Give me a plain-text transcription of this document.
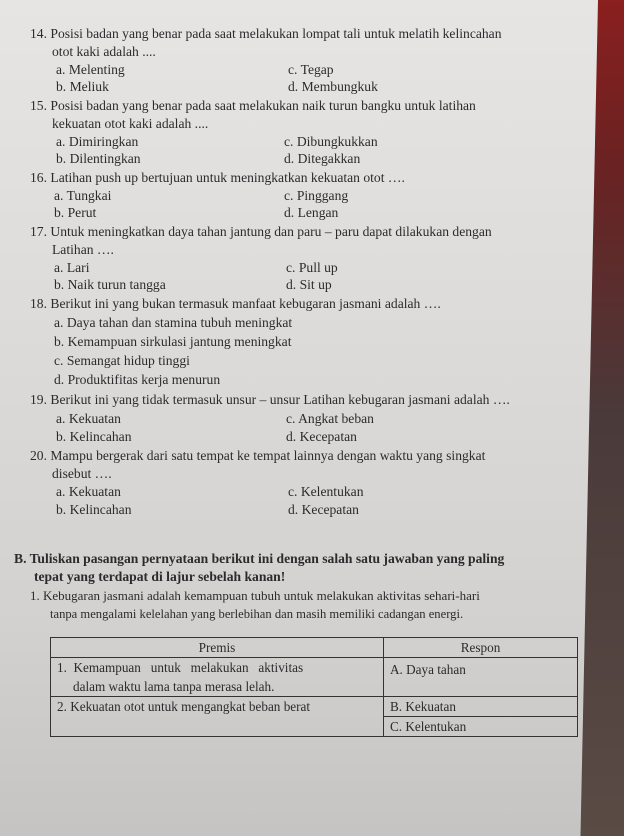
14. Posisi badan yang benar pada saat melakukan lompat tali untuk melatih kelincahan
otot kaki adalah ....
a. Melenting
b. Meliuk
c. Tegap
d. Membungkuk
15. Posisi badan yang benar pada saat melakukan naik turun bangku untuk latihan
kekuatan otot kaki adalah ....
a. Dimiringkan
b. Dilentingkan
c. Dibungkukkan
d. Ditegakkan
16. Latihan push up bertujuan untuk meningkatkan kekuatan otot ….
a. Tungkai
b. Perut
c. Pinggang
d. Lengan
17. Untuk meningkatkan daya tahan jantung dan paru – paru dapat dilakukan dengan
Latihan ….
a. Lari
b. Naik turun tangga
c. Pull up
d. Sit up
18. Berikut ini yang bukan termasuk manfaat kebugaran jasmani adalah ….
a. Daya tahan dan stamina tubuh meningkat
b. Kemampuan sirkulasi jantung meningkat
c. Semangat hidup tinggi
d. Produktifitas kerja menurun
19. Berikut ini yang tidak termasuk unsur – unsur Latihan kebugaran jasmani adalah ….
a. Kekuatan
b. Kelincahan
c. Angkat beban
d. Kecepatan
20. Mampu bergerak dari satu tempat ke tempat lainnya dengan waktu yang singkat
disebut ….
a. Kekuatan
b. Kelincahan
c. Kelentukan
d. Kecepatan
B. Tuliskan pasangan pernyataan berikut ini dengan salah satu jawaban yang paling
tepat yang terdapat di lajur sebelah kanan!
1. Kebugaran jasmani adalah kemampuan tubuh untuk melakukan aktivitas sehari-hari
tanpa mengalami kelelahan yang berlebihan dan masih memiliki cadangan energi.
Premis	Respon

1.  Kemampuan   untuk   melakukan   aktivitas
dalam waktu lama tanpa merasa lelah.	A. Daya tahan
2. Kekuatan otot untuk mengangkat beban berat	B. Kekuatan
	C. Kelentukan
